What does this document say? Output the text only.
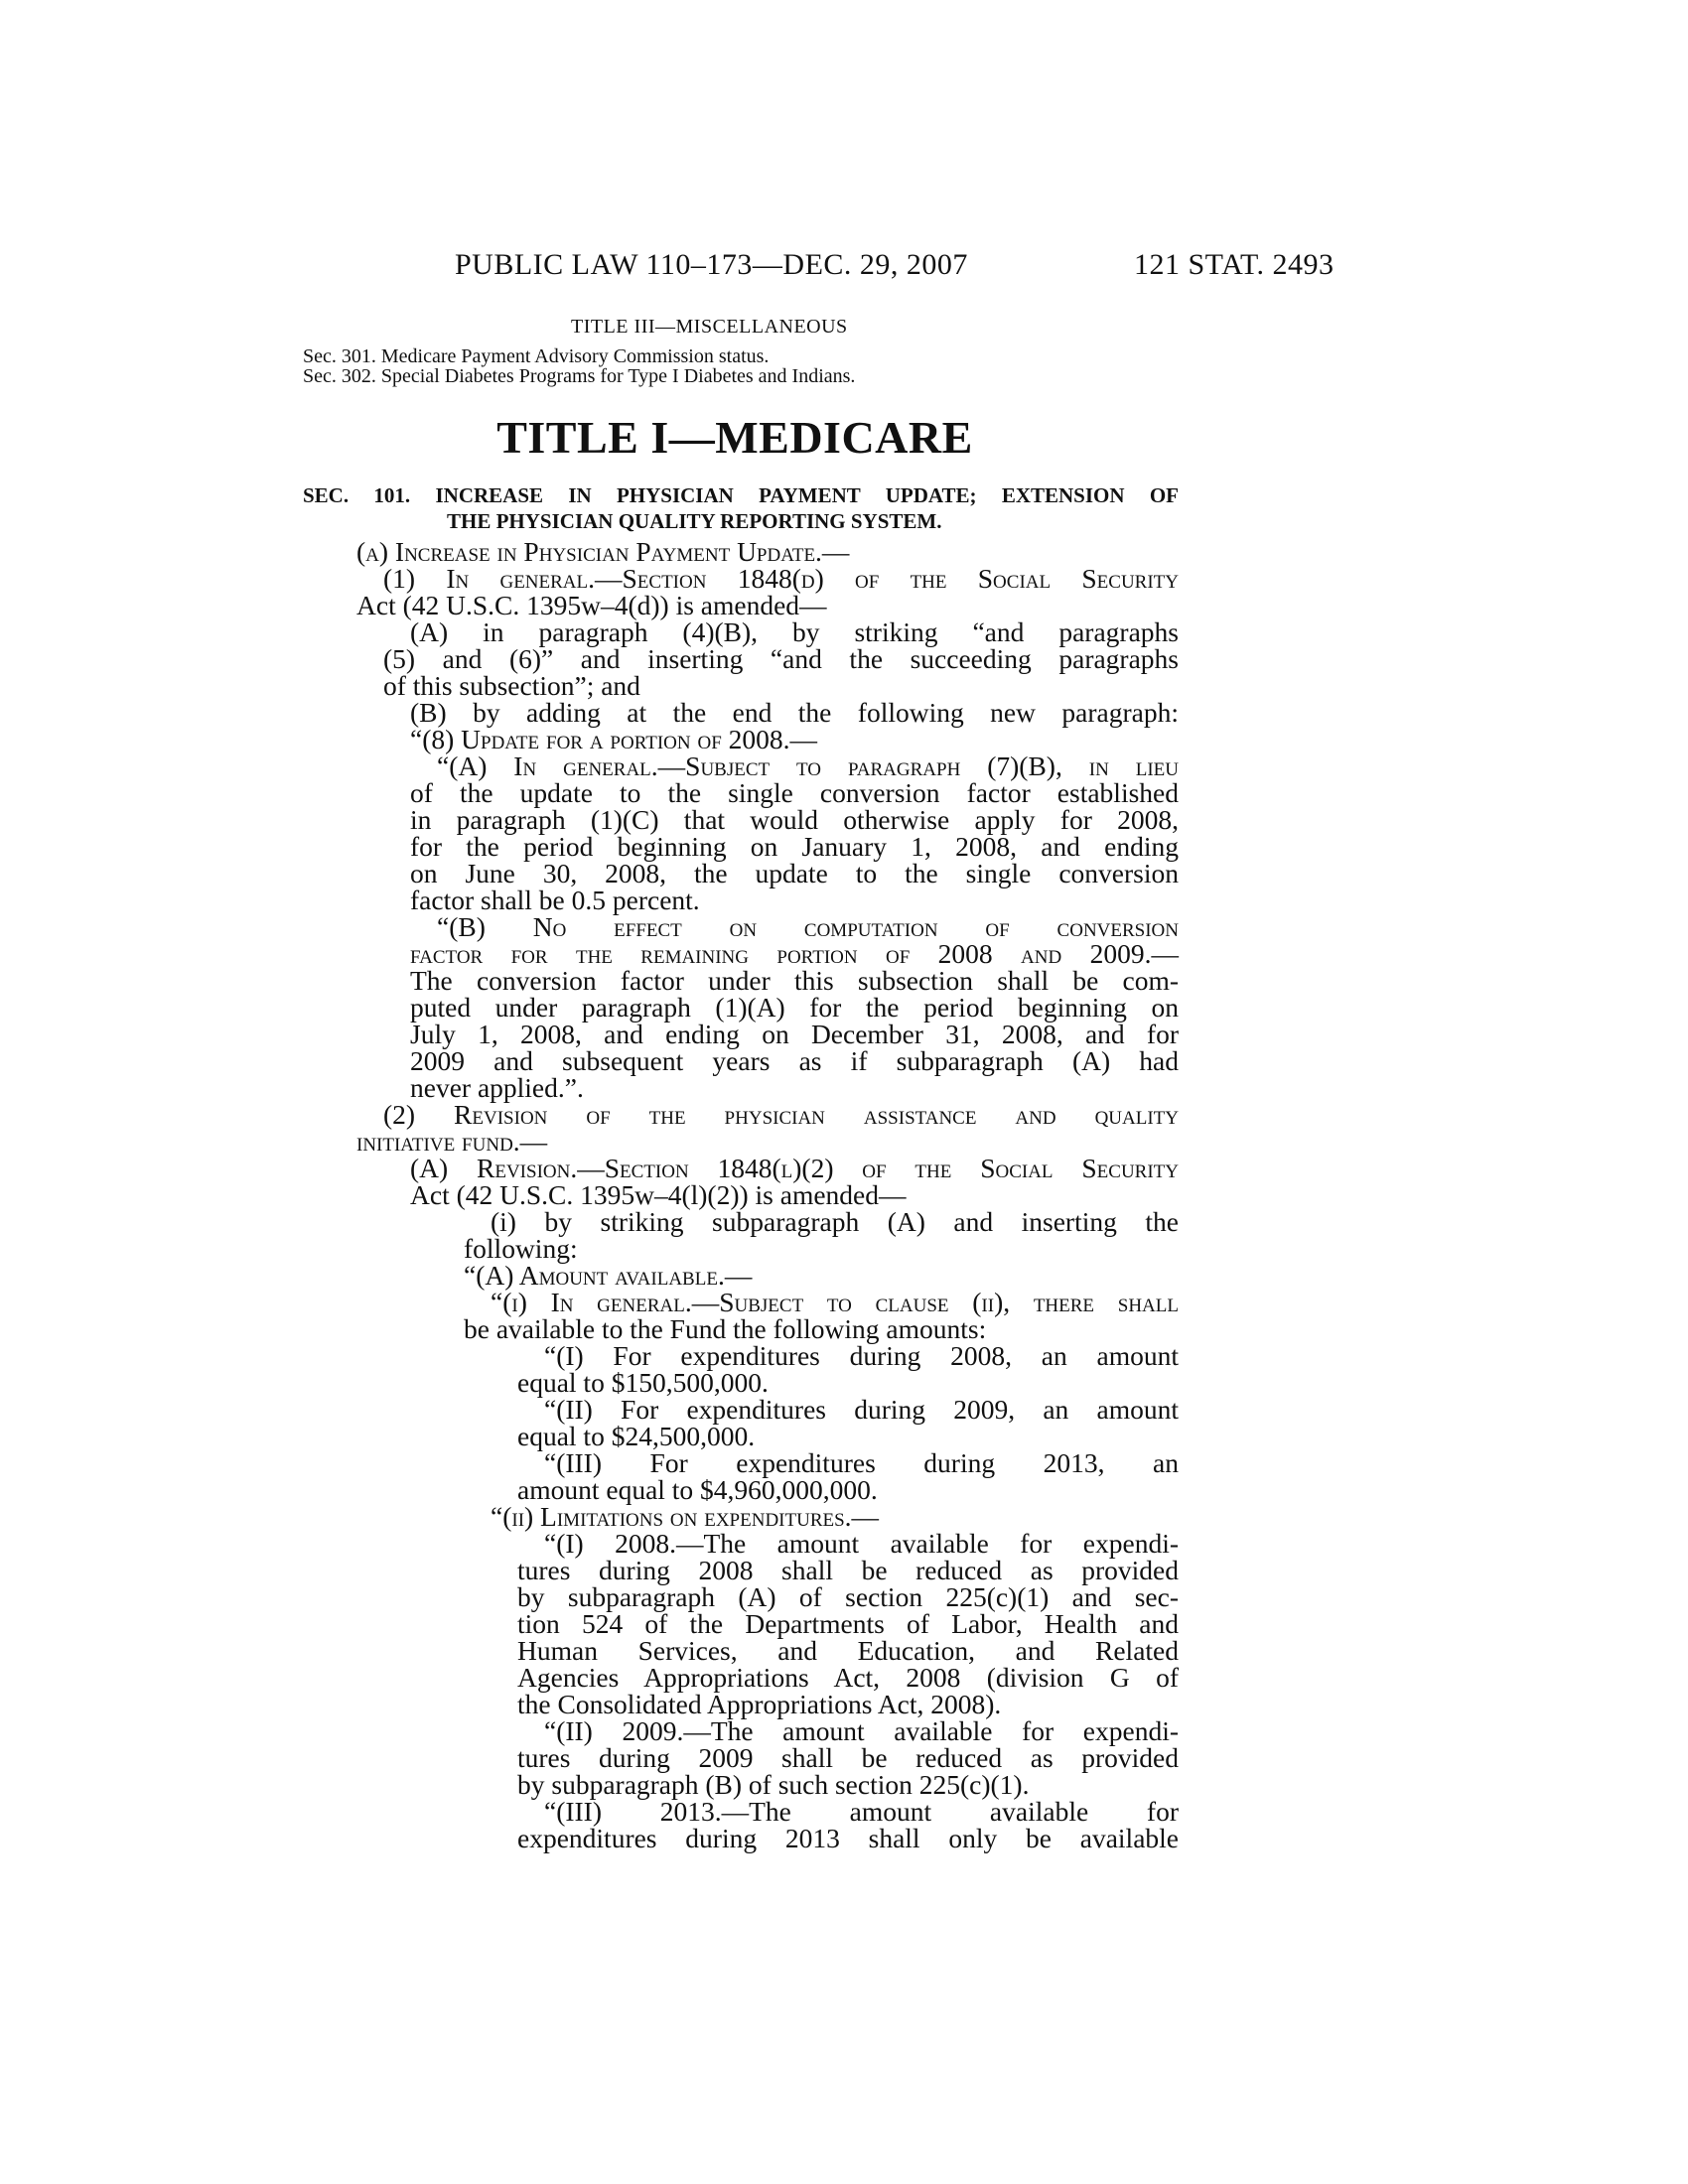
PUBLIC LAW 110–173—DEC. 29, 2007	121 STAT. 2493
TITLE III—MISCELLANEOUS
Sec. 301. Medicare Payment Advisory Commission status.
Sec. 302. Special Diabetes Programs for Type I Diabetes and Indians.
TITLE I—MEDICARE
SEC. 101. INCREASE IN PHYSICIAN PAYMENT UPDATE; EXTENSION OF
THE PHYSICIAN QUALITY REPORTING SYSTEM.
(a) Increase in Physician Payment Update.—
(1) In general.—Section 1848(d) of the Social Security
Act (42 U.S.C. 1395w–4(d)) is amended—
(A) in paragraph (4)(B), by striking “and paragraphs
(5) and (6)” and inserting “and the succeeding paragraphs
of this subsection”; and
(B) by adding at the end the following new paragraph:
“(8) Update for a portion of 2008.—
“(A) In general.—Subject to paragraph (7)(B), in lieu
of the update to the single conversion factor established
in paragraph (1)(C) that would otherwise apply for 2008,
for the period beginning on January 1, 2008, and ending
on June 30, 2008, the update to the single conversion
factor shall be 0.5 percent.
“(B) No effect on computation of conversion
factor for the remaining portion of 2008 and 2009.—
The conversion factor under this subsection shall be com-
puted under paragraph (1)(A) for the period beginning on
July 1, 2008, and ending on December 31, 2008, and for
2009 and subsequent years as if subparagraph (A) had
never applied.”.
(2) Revision of the physician assistance and quality
initiative fund.—
(A) Revision.—Section 1848(l)(2) of the Social Security
Act (42 U.S.C. 1395w–4(l)(2)) is amended—
(i) by striking subparagraph (A) and inserting the
following:
“(A) Amount available.—
“(i) In general.—Subject to clause (ii), there shall
be available to the Fund the following amounts:
“(I) For expenditures during 2008, an amount
equal to $150,500,000.
“(II) For expenditures during 2009, an amount
equal to $24,500,000.
“(III) For expenditures during 2013, an
amount equal to $4,960,000,000.
“(ii) Limitations on expenditures.—
“(I) 2008.—The amount available for expendi-
tures during 2008 shall be reduced as provided
by subparagraph (A) of section 225(c)(1) and sec-
tion 524 of the Departments of Labor, Health and
Human Services, and Education, and Related
Agencies Appropriations Act, 2008 (division G of
the Consolidated Appropriations Act, 2008).
“(II) 2009.—The amount available for expendi-
tures during 2009 shall be reduced as provided
by subparagraph (B) of such section 225(c)(1).
“(III) 2013.—The amount available for
expenditures during 2013 shall only be available
